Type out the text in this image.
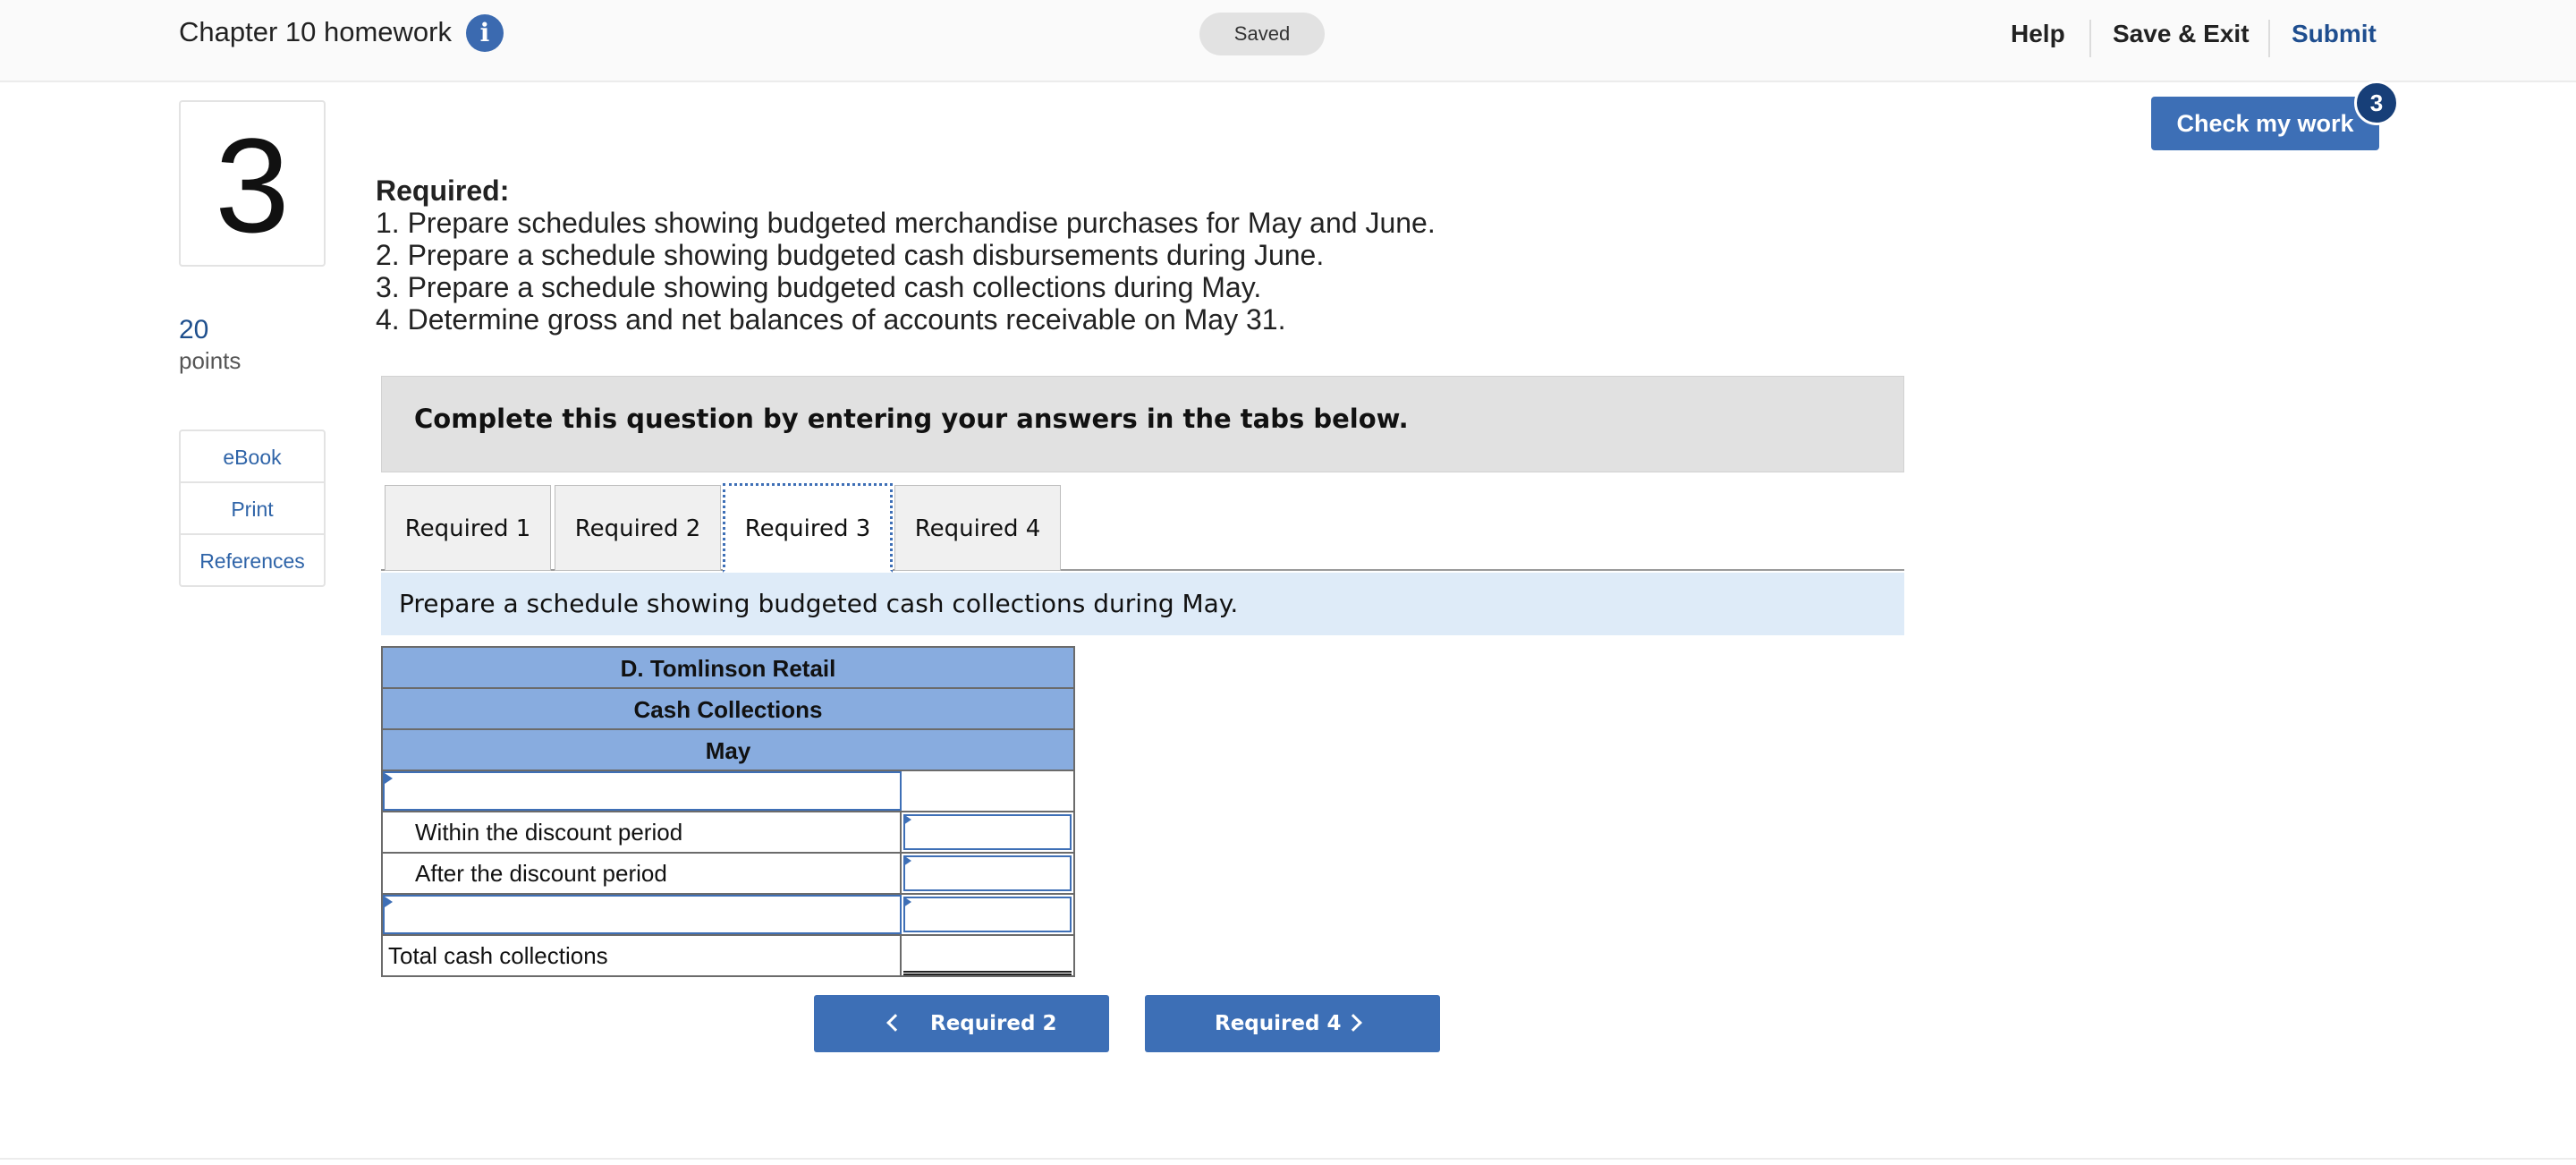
Chapter 10 homework	i	Saved	Help Save & Exit Submit
3
20
points
eBook
Print
References
Check my work
3
Required:
1. Prepare schedules showing budgeted merchandise purchases for May and June.
2. Prepare a schedule showing budgeted cash disbursements during June.
3. Prepare a schedule showing budgeted cash collections during May.
4. Determine gross and net balances of accounts receivable on May 31.
Complete this question by entering your answers in the tabs below.
Required 1	Required 2	Required 3	Required 4
Prepare a schedule showing budgeted cash collections during May.
D. Tomlinson Retail
Cash Collections
May
Within the discount period
After the discount period
Total cash collections
Required 2	Required 4
